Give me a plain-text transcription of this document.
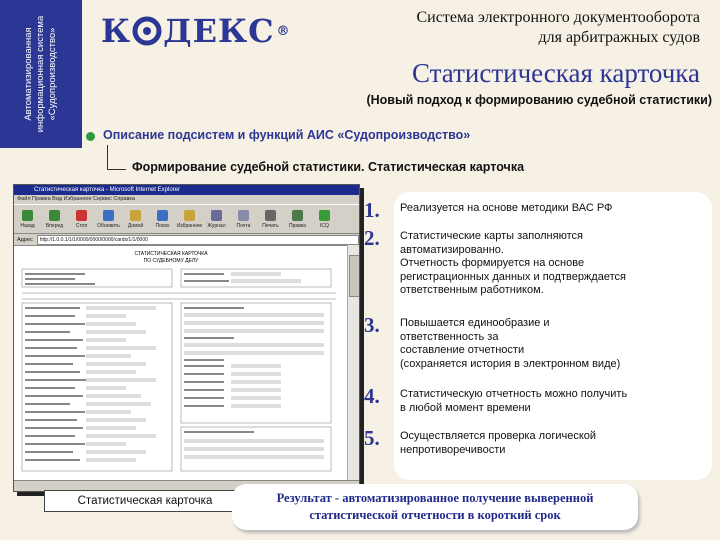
Автоматизированная информационная система «Судопроизводство» К ДЕКС ®
Система электронного документооборота
для арбитражных судов
Статистическая карточка
(Новый подход к формированию судебной статистики)
Описание подсистем и функций АИС «Судопроизводство»
Формирование судебной статистики. Статистическая карточка
Статистическая карточка - Microsoft Internet Explorer
Файл Правка Вид Избранное Сервис Справка
Назад Вперед	Стоп Обновить Домой Поиск Избранное Журнал Почта Печать Правка	ICQ
Адрес	http://1.0.0.1/1/1/0000/0000/0000/cards/1/1/0000
СТАТИСТИЧЕСКАЯ КАРТОЧКА
ПО СУДЕБНОМУ ДЕЛУ
Статистическая карточка
1.	Реализуется на основе методики ВАС РФ
2.	Статистические карты заполняются
автоматизированно.
Отчетность формируется на основе
регистрационных данных и подтверждается
ответственным работником.
3.	Повышается единообразие и
ответственность за
составление отчетности
(сохраняется история в электронном виде)
4.	Статистическую отчетность можно получить
в любой момент времени
5.	Осуществляется проверка логической
непротиворечивости
Результат - автоматизированное получение выверенной
статистической отчетности в короткий срок
